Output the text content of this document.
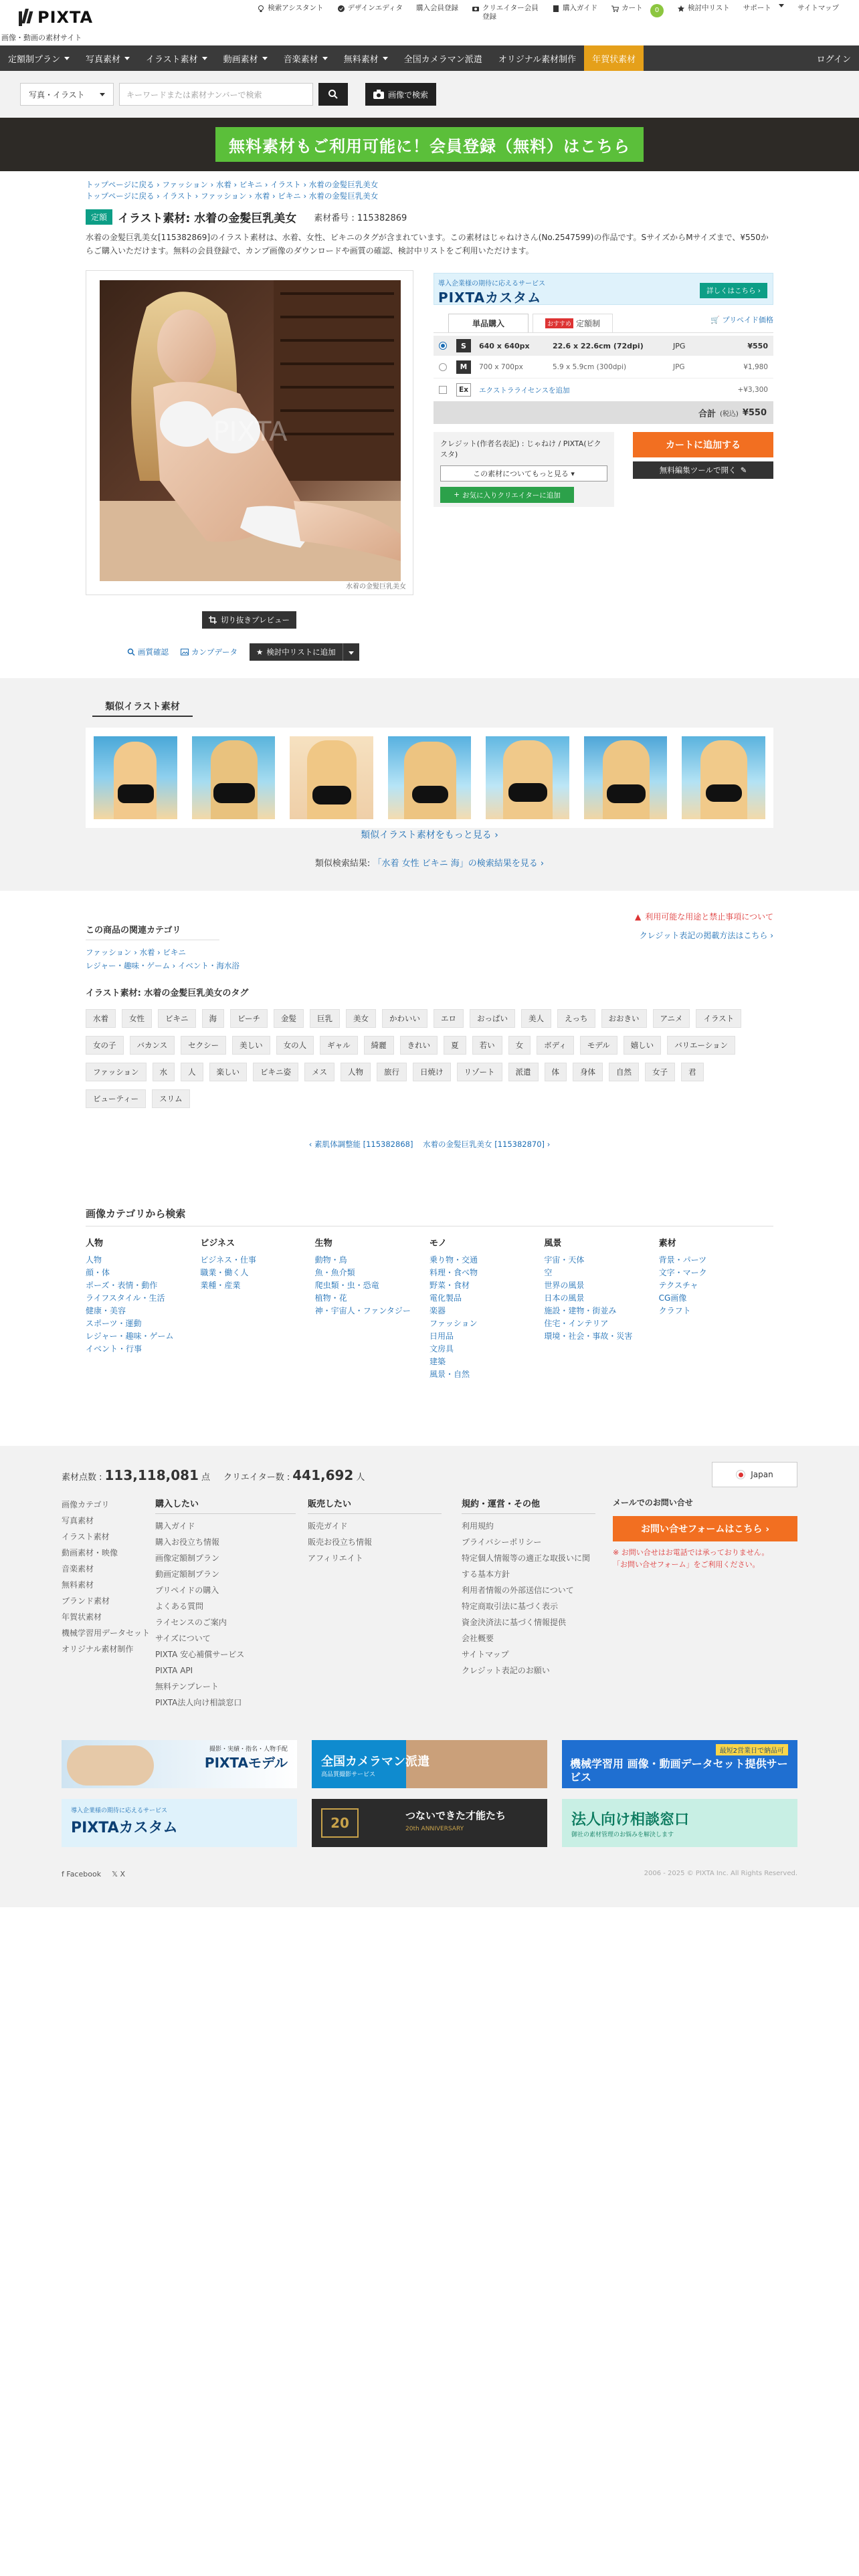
PIXTA
画像・動画の素材サイト
検索アシスタント	デザインエディタ 購入会員登録	クリエイター会員登録
購入ガイド	カート
	0	検討中リスト サポート
	サイトマップ
定額制プラン	写真素材	イラスト素材	動画素材	音楽素材	無料素材	全国カメラマン派遣 オリジナル素材制作 年賀状素材	ログイン
写真・イラスト	キーワードまたは素材ナンバーで検索	画像で検索
無料素材もご利用可能に！会員登録（無料）はこちら
トップページに戻る › ファッション › 水着 › ビキニ › イラスト › 水着の金髪巨乳美女
トップページに戻る › イラスト › ファッション › 水着 › ビキニ › 水着の金髪巨乳美女
定額 イラスト素材: 水着の金髪巨乳美女 素材番号 : 115382869
水着の金髪巨乳美女[115382869]のイラスト素材は、水着、女性、ビキニのタグが含まれています。この素材はじゃねけさん(No.2547599)の作品です。SサイズからMサイズまで、¥550からご購入いただけます。無料の会員登録で、カンプ画像のダウンロードや画質の確認、検討中リストをご利用いただけます。
PIXTA
水着の金髪巨乳美女
切り抜きプレビュー
画質確認	カンプデータ ★ 検討中リストに追加
導入企業様の期待に応えるサービス
PIXTAカスタム	詳しくはこちら ›
単品購入	おすすめ 定額制	🛒 プリペイド価格
S	640 x 640px	22.6 x 22.6cm (72dpi)	JPG	¥550
M	700 x 700px	5.9 x 5.9cm (300dpi)	JPG	¥1,980
Ex	エクストラライセンスを追加	+¥3,300
合計 (税込) ¥550
クレジット(作者名表記) : じゃねけ / PIXTA(ピクスタ)
この素材についてもっと見る ▾
+ お気に入りクリエイターに追加
カートに追加する
無料編集ツールで開く ✎
類似イラスト素材
類似イラスト素材をもっと見る ›
類似検索結果: 「水着 女性 ビキニ 海」の検索結果を見る ›
この商品の関連カテゴリ
ファッション › 水着 › ビキニ
レジャー・趣味・ゲーム › イベント・海水浴
▲ 利用可能な用途と禁止事項について
クレジット表記の掲載方法はこちら ›
イラスト素材: 水着の金髪巨乳美女のタグ
水着	女性	ビキニ	海	ビーチ	金髪	巨乳	美女	かわいい	エロ	おっぱい	美人	えっち	おおきい	アニメ	イラスト女の子	バカンス	セクシー	美しい	女の人	ギャル	綺麗	きれい	夏	若い	女	ボディ	モデル	嬉しい	バリエーションファッション	水	人	楽しい	ビキニ姿	メス	人物	旅行	日焼け	リゾート	派遣	体	身体	自然	女子	君ビューティー	スリム
‹ 素肌体調整能 [115382868] 水着の金髪巨乳美女 [115382870] ›
画像カテゴリから検索
人物
人物
顔・体
ポーズ・表情・動作
ライフスタイル・生活
健康・美容
スポーツ・運動
レジャー・趣味・ゲーム
イベント・行事
ビジネス
ビジネス・仕事
職業・働く人
業種・産業
生物
動物・鳥
魚・魚介類
爬虫類・虫・恐竜
植物・花
神・宇宙人・ファンタジー
モノ
乗り物・交通
料理・食べ物
野菜・食材
電化製品
楽器
ファッション
日用品
文房具
建築
風景・自然
風景
宇宙・天体
空
世界の風景
日本の風景
施設・建物・街並み
住宅・インテリア
環境・社会・事故・災害
素材
背景・パーツ
文字・マーク
テクスチャ
CG画像
クラフト
素材点数 : 113,118,081 点 クリエイター数 : 441,692 人	Japan
画像カテゴリ
写真素材
イラスト素材
動画素材・映像
音楽素材
無料素材
ブランド素材
年賀状素材
機械学習用データセット
オリジナル素材制作
購入したい
購入ガイド
購入お役立ち情報
画像定額制プラン
動画定額制プラン
プリペイドの購入
よくある質問
ライセンスのご案内
サイズについて
PIXTA 安心補償サービス
PIXTA API
無料テンプレート
PIXTA法人向け相談窓口
販売したい
販売ガイド
販売お役立ち情報
アフィリエイト
規約・運営・その他
利用規約
プライバシーポリシー
特定個人情報等の適正な取扱いに関する基本方針
利用者情報の外部送信について
特定商取引法に基づく表示
資金決済法に基づく情報提供
会社概要
サイトマップ
クレジット表記のお願い
メールでのお問い合せ
お問い合せフォームはこちら ›
※ お問い合せはお電話では承っておりません。
「お問い合せフォーム」をご利用ください。
撮影・実績・指名・人物手配
PIXTAモデル	全国カメラマン派遣
高品質撮影サービス
最短2営業日で納品可
機械学習用 画像・動画データセット提供サービス
導入企業様の期待に応えるサービス
PIXTAカスタム	20	つないできた才能たち
20th ANNIVERSARY
法人向け相談窓口
御社の素材管理のお悩みを解決します
f Facebook 𝕏 X	2006 - 2025 © PIXTA Inc. All Rights Reserved.
